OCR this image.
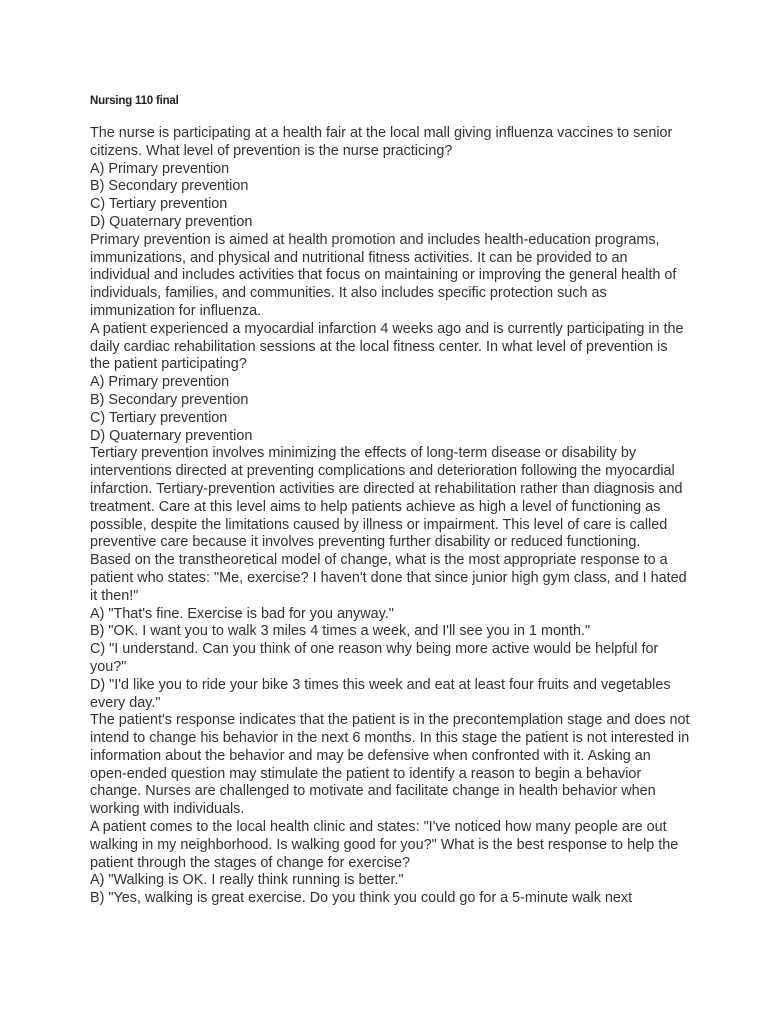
Nursing 110 final

The nurse is participating at a health fair at the local mall giving influenza vaccines to senior citizens. What level of prevention is the nurse practicing?

A) Primary prevention

B) Secondary prevention

C) Tertiary prevention

D) Quaternary prevention

Primary prevention is aimed at health promotion and includes health-education programs, immunizations, and physical and nutritional fitness activities. It can be provided to an individual and includes activities that focus on maintaining or improving the general health of individuals, families, and communities. It also includes specific protection such as immunization for influenza.

A patient experienced a myocardial infarction 4 weeks ago and is currently participating in the daily cardiac rehabilitation sessions at the local fitness center. In what level of prevention is the patient participating?

A) Primary prevention

B) Secondary prevention

C) Tertiary prevention

D) Quaternary prevention

Tertiary prevention involves minimizing the effects of long-term disease or disability by interventions directed at preventing complications and deterioration following the myocardial infarction. Tertiary-prevention activities are directed at rehabilitation rather than diagnosis and treatment. Care at this level aims to help patients achieve as high a level of functioning as possible, despite the limitations caused by illness or impairment. This level of care is called preventive care because it involves preventing further disability or reduced functioning.

Based on the transtheoretical model of change, what is the most appropriate response to a patient who states: "Me, exercise? I haven't done that since junior high gym class, and I hated it then!"

A) "That's fine. Exercise is bad for you anyway."

B) "OK. I want you to walk 3 miles 4 times a week, and I'll see you in 1 month."

C) "I understand. Can you think of one reason why being more active would be helpful for you?"

D) "I'd like you to ride your bike 3 times this week and eat at least four fruits and vegetables every day."

The patient's response indicates that the patient is in the precontemplation stage and does not intend to change his behavior in the next 6 months. In this stage the patient is not interested in information about the behavior and may be defensive when confronted with it. Asking an open-ended question may stimulate the patient to identify a reason to begin a behavior change. Nurses are challenged to motivate and facilitate change in health behavior when working with individuals.

A patient comes to the local health clinic and states: "I've noticed how many people are out walking in my neighborhood. Is walking good for you?" What is the best response to help the patient through the stages of change for exercise?

A) "Walking is OK. I really think running is better."

B) "Yes, walking is great exercise. Do you think you could go for a 5-minute walk next
